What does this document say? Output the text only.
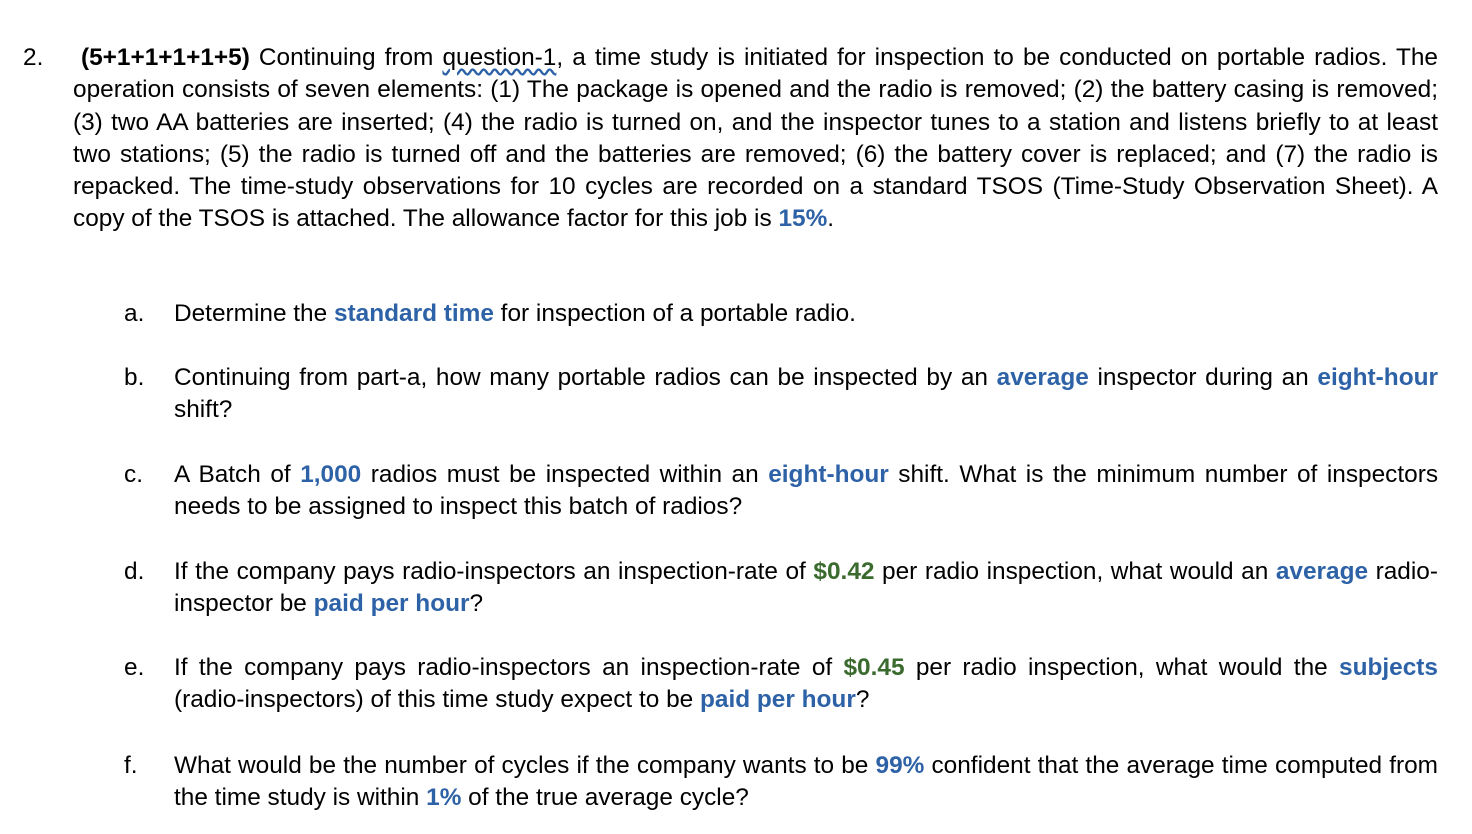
2.	(5+1+1+1+1+5) Continuing from question-1, a time study is initiated for inspection to be conducted on portable radios. The operation consists of seven elements: (1) The package is opened and the radio is removed; (2) the battery casing is removed; (3) two AA batteries are inserted; (4) the radio is turned on, and the inspector tunes to a station and listens briefly to at least two stations; (5) the radio is turned off and the batteries are removed; (6) the battery cover is replaced; and (7) the radio is repacked. The time-study observations for 10 cycles are recorded on a standard TSOS (Time-Study Observation Sheet). A copy of the TSOS is attached. The allowance factor for this job is 15%.
a. Determine the standard time for inspection of a portable radio.
b. Continuing from part-a, how many portable radios can be inspected by an average inspector during an eight-hour shift?
c. A Batch of 1,000 radios must be inspected within an eight-hour shift. What is the minimum number of inspectors needs to be assigned to inspect this batch of radios?
d. If the company pays radio-inspectors an inspection-rate of $0.42 per radio inspection, what would an average radio-inspector be paid per hour?
e. If the company pays radio-inspectors an inspection-rate of $0.45 per radio inspection, what would the subjects (radio-inspectors) of this time study expect to be paid per hour?
f. What would be the number of cycles if the company wants to be 99% confident that the average time computed from the time study is within 1% of the true average cycle?
